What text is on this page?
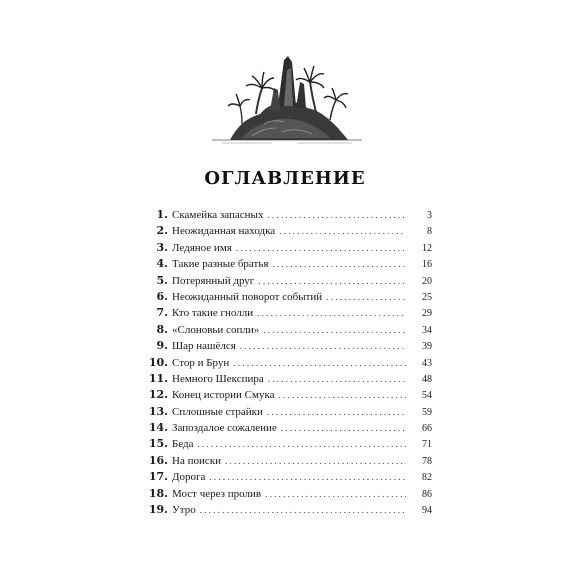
ОГЛАВЛЕНИЕ
1. Скамейка запасных . . .	3
2. Неожиданная находка . . .	8
3. Ледяное имя . . .	12
4. Такие разные братья . . .	16
5. Потерянный друг . . .	20
6. Неожиданный поворот событий . . .	25
7. Кто такие гнолли . . .	29
8. «Слоновьи сопли» . . .	34
9. Шар нашёлся . . .	39
10. Стор и Брун . . .	43
11. Немного Шекспира . . .	48
12. Конец истории Смука . . .	54
13. Сплошные страйки . . .	59
14. Запоздалое сожаление . . .	66
15. Беда . . .	71
16. На поиски . . .	78
17. Дорога . . .	82
18. Мост через пролив . . .	86
19. Утро . . .	94
